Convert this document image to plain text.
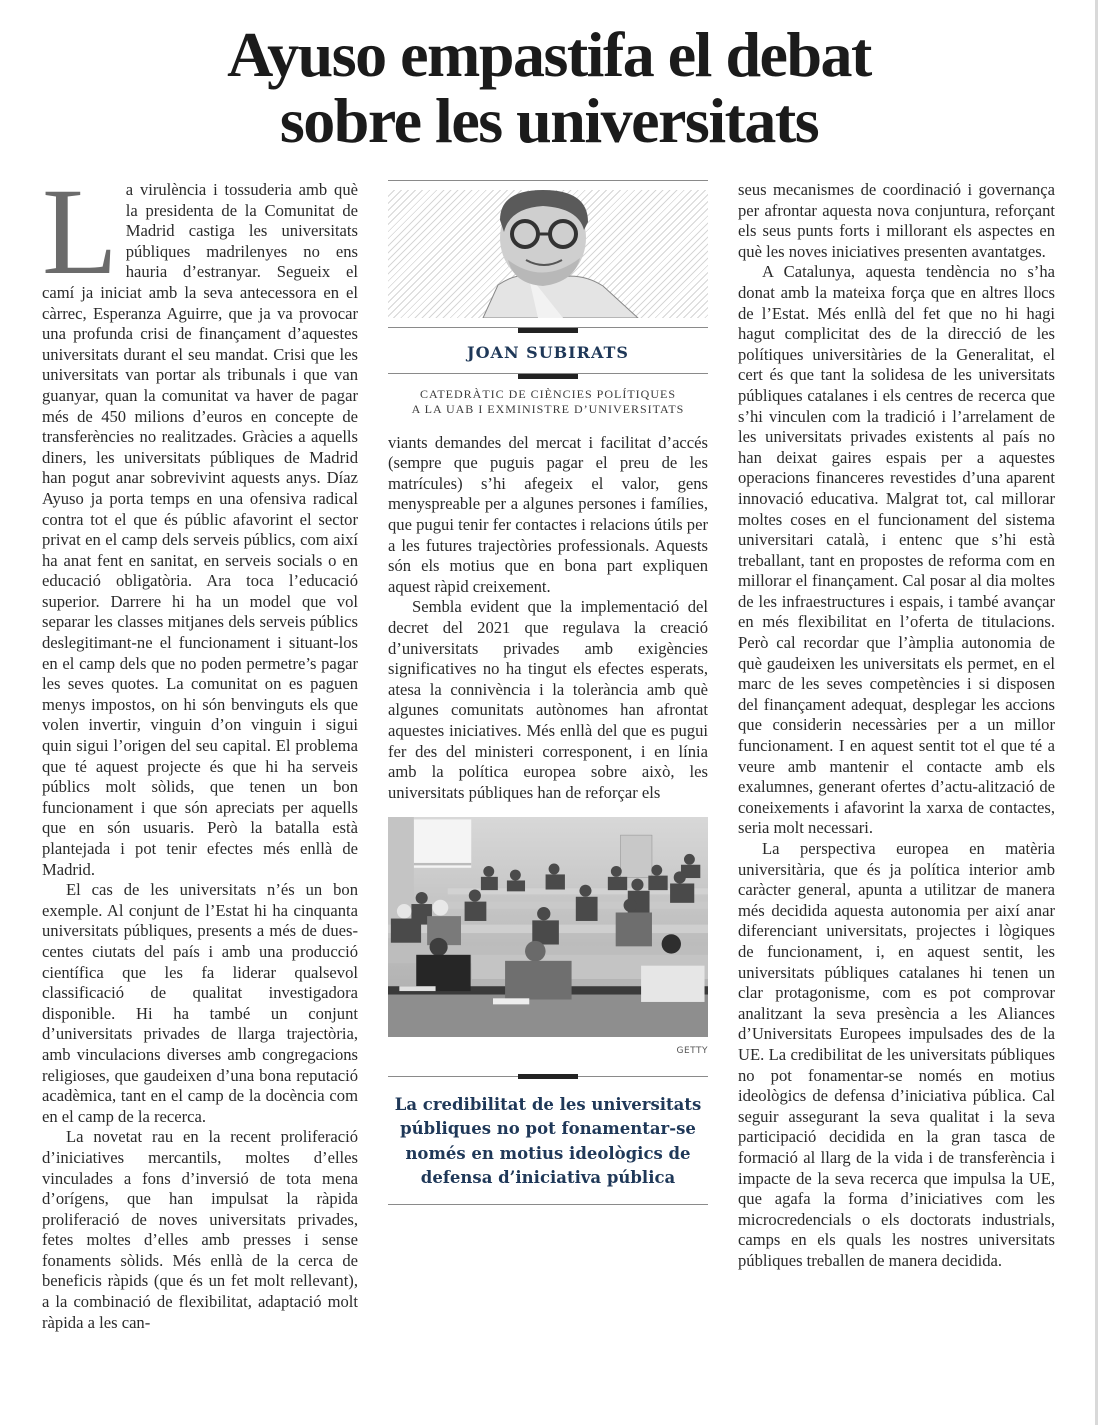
Ayuso empastifa el debat
sobre les universitats

La virulència i tossuderia amb què la presidenta de la Comunitat de Madrid castiga les universitats públiques madrilenyes no ens hauria d’estranyar. Segueix el camí ja iniciat amb la seva antecessora en el càrrec, Esperanza Aguirre, que ja va provocar una profunda crisi de finançament d’aquestes universitats durant el seu mandat. Crisi que les universitats van portar als tribunals i que van guanyar, quan la comunitat va haver de pagar més de 450 milions d’euros en concepte de transferències no realitzades. Gràcies a aquells diners, les universitats públiques de Madrid han pogut anar sobrevivint aquests anys. Díaz Ayuso ja porta temps en una ofensiva radical contra tot el que és públic afavorint el sector privat en el camp dels serveis públics, com així ha anat fent en sanitat, en serveis socials o en educació obligatòria. Ara toca l’educació superior. Darrere hi ha un model que vol separar les classes mitjanes dels serveis públics deslegitimant-ne el funcionament i situant-los en el camp dels que no poden permetre’s pagar les seves quotes. La comunitat on es paguen menys impostos, on hi són benvinguts els que volen invertir, vinguin d’on vinguin i sigui quin sigui l’origen del seu capital. El problema que té aquest projecte és que hi ha serveis públics molt sòlids, que tenen un bon funcionament i que són apreciats per aquells que en són usuaris. Però la batalla està plantejada i pot tenir efectes més enllà de Madrid.

El cas de les universitats n’és un bon exemple. Al conjunt de l’Estat hi ha cinquanta universitats públiques, presents a més de dues-centes ciutats del país i amb una producció científica que les fa liderar qualsevol classificació de qualitat investigadora disponible. Hi ha també un conjunt d’universitats privades de llarga trajectòria, amb vinculacions diverses amb congregacions religioses, que gaudeixen d’una bona reputació acadèmica, tant en el camp de la docència com en el camp de la recerca.

La novetat rau en la recent proliferació d’iniciatives mercantils, moltes d’elles vinculades a fons d’inversió de tota mena d’orígens, que han impulsat la ràpida proliferació de noves universitats privades, fetes moltes d’elles amb presses i sense fonaments sòlids. Més enllà de la cerca de beneficis ràpids (que és un fet molt rellevant), a la combinació de flexibilitat, adaptació molt ràpida a les can-

JOAN SUBIRATS
CATEDRÀTIC DE CIÈNCIES POLÍTIQUES
A LA UAB I EXMINISTRE D’UNIVERSITATS

viants demandes del mercat i facilitat d’accés (sempre que puguis pagar el preu de les matrícules) s’hi afegeix el valor, gens menyspreable per a algunes persones i famílies, que pugui tenir fer contactes i relacions útils per a les futures trajectòries professionals. Aquests són els motius que en bona part expliquen aquest ràpid creixement.

Sembla evident que la implementació del decret del 2021 que regulava la creació d’universitats privades amb exigències significatives no ha tingut els efectes esperats, atesa la connivència i la tolerància amb què algunes comunitats autònomes han afrontat aquestes iniciatives. Més enllà del que es pugui fer des del ministeri corresponent, i en línia amb la política europea sobre això, les universitats públiques han de reforçar els

GETTY
La credibilitat de les universitats públiques no pot fonamentar-se només en motius ideològics de defensa d’iniciativa pública

seus mecanismes de coordinació i governança per afrontar aquesta nova conjuntura, reforçant els seus punts forts i millorant els aspectes en què les noves iniciatives presenten avantatges.

A Catalunya, aquesta tendència no s’ha donat amb la mateixa força que en altres llocs de l’Estat. Més enllà del fet que no hi hagi hagut complicitat des de la direcció de les polítiques universitàries de la Generalitat, el cert és que tant la solidesa de les universitats públiques catalanes i els centres de recerca que s’hi vinculen com la tradició i l’arrelament de les universitats privades existents al país no han deixat gaires espais per a aquestes operacions financeres revestides d’una aparent innovació educativa. Malgrat tot, cal millorar moltes coses en el funcionament del sistema universitari català, i entenc que s’hi està treballant, tant en propostes de reforma com en millorar el finançament. Cal posar al dia moltes de les infraestructures i espais, i també avançar en més flexibilitat en l’oferta de titulacions. Però cal recordar que l’àmplia autonomia de què gaudeixen les universitats els permet, en el marc de les seves competències i si disposen del finançament adequat, desplegar les accions que considerin necessàries per a un millor funcionament. I en aquest sentit tot el que té a veure amb mantenir el contacte amb els exalumnes, generant ofertes d’actu-alització de coneixements i afavorint la xarxa de contactes, seria molt necessari.

La perspectiva europea en matèria universitària, que és ja política interior amb caràcter general, apunta a utilitzar de manera més decidida aquesta autonomia per així anar diferenciant universitats, projectes i lògiques de funcionament, i, en aquest sentit, les universitats públiques catalanes hi tenen un clar protagonisme, com es pot comprovar analitzant la seva presència a les Aliances d’Universitats Europees impulsades des de la UE. La credibilitat de les universitats públiques no pot fonamentar-se només en motius ideològics de defensa d’iniciativa pública. Cal seguir assegurant la seva qualitat i la seva participació decidida en la gran tasca de formació al llarg de la vida i de transferència i impacte de la seva recerca que impulsa la UE, que agafa la forma d’iniciatives com les microcredencials o els doctorats industrials, camps en els quals les nostres universitats públiques treballen de manera decidida.
